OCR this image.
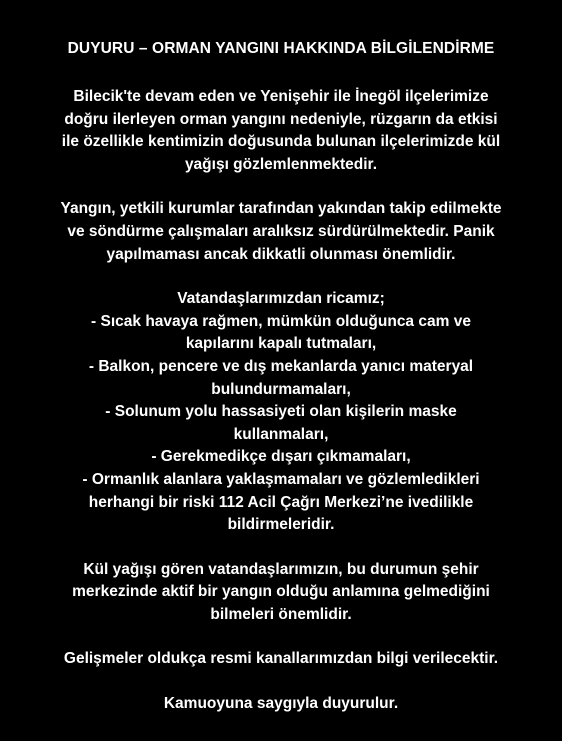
DUYURU – ORMAN YANGINI HAKKINDA BİLGİLENDİRME
Bilecik'te devam eden ve Yenişehir ile İnegöl ilçelerimize
doğru ilerleyen orman yangını nedeniyle, rüzgarın da etkisi
ile özellikle kentimizin doğusunda bulunan ilçelerimizde kül
yağışı gözlemlenmektedir.
Yangın, yetkili kurumlar tarafından yakından takip edilmekte
ve söndürme çalışmaları aralıksız sürdürülmektedir. Panik
yapılmaması ancak dikkatli olunması önemlidir.
Vatandaşlarımızdan ricamız;
- Sıcak havaya rağmen, mümkün olduğunca cam ve
kapılarını kapalı tutmaları,
- Balkon, pencere ve dış mekanlarda yanıcı materyal
bulundurmamaları,
- Solunum yolu hassasiyeti olan kişilerin maske
kullanmaları,
- Gerekmedikçe dışarı çıkmamaları,
- Ormanlık alanlara yaklaşmamaları ve gözlemledikleri
herhangi bir riski 112 Acil Çağrı Merkezi’ne ivedilikle
bildirmeleridir.
Kül yağışı gören vatandaşlarımızın, bu durumun şehir
merkezinde aktif bir yangın olduğu anlamına gelmediğini
bilmeleri önemlidir.
Gelişmeler oldukça resmi kanallarımızdan bilgi verilecektir.
Kamuoyuna saygıyla duyurulur.
